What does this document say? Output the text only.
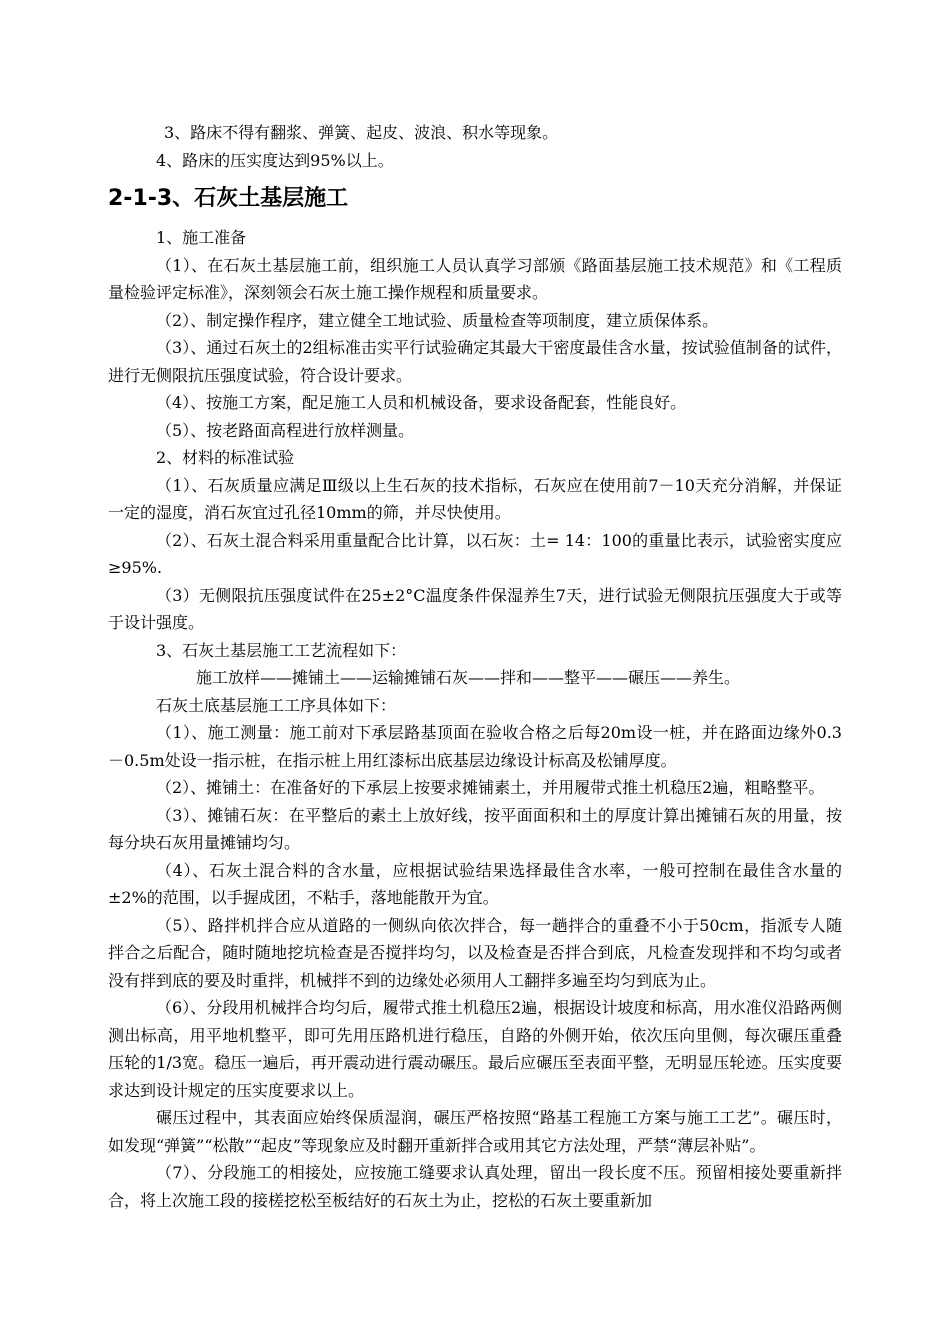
3、路床不得有翻浆、弹簧、起皮、波浪、积水等现象。

4、路床的压实度达到95%以上。

2-1-3、石灰土基层施工

1、施工准备

（1）、在石灰土基层施工前，组织施工人员认真学习部颁《路面基层施工技术规范》和《工程质量检验评定标准》，深刻领会石灰土施工操作规程和质量要求。

（2）、制定操作程序，建立健全工地试验、质量检查等项制度，建立质保体系。

（3）、通过石灰土的2组标准击实平行试验确定其最大干密度最佳含水量，按试验值制备的试件，进行无侧限抗压强度试验，符合设计要求。

（4）、按施工方案，配足施工人员和机械设备，要求设备配套，性能良好。

（5）、按老路面高程进行放样测量。

2、材料的标准试验

（1）、石灰质量应满足Ⅲ级以上生石灰的技术指标，石灰应在使用前7－10天充分消解，并保证一定的湿度，消石灰宜过孔径10mm的筛，并尽快使用。

（2）、石灰土混合料采用重量配合比计算，以石灰：土= 14：100的重量比表示，试验密实度应≥95%.

（3）无侧限抗压强度试件在25±2°C温度条件保湿养生7天，进行试验无侧限抗压强度大于或等于设计强度。

3、石灰土基层施工工艺流程如下：

施工放样——摊铺土——运输摊铺石灰——拌和——整平——碾压——养生。

石灰土底基层施工工序具体如下：

（1）、施工测量：施工前对下承层路基顶面在验收合格之后每20m设一桩，并在路面边缘外0.3－0.5m处设一指示桩，在指示桩上用红漆标出底基层边缘设计标高及松铺厚度。

（2）、摊铺土：在准备好的下承层上按要求摊铺素土，并用履带式推土机稳压2遍，粗略整平。

（3）、摊铺石灰：在平整后的素土上放好线，按平面面积和土的厚度计算出摊铺石灰的用量，按每分块石灰用量摊铺均匀。

（4）、石灰土混合料的含水量，应根据试验结果选择最佳含水率，一般可控制在最佳含水量的±2%的范围，以手握成团，不粘手，落地能散开为宜。

（5）、路拌机拌合应从道路的一侧纵向依次拌合，每一趟拌合的重叠不小于50cm，指派专人随拌合之后配合，随时随地挖坑检查是否搅拌均匀，以及检查是否拌合到底，凡检查发现拌和不均匀或者没有拌到底的要及时重拌，机械拌不到的边缘处必须用人工翻拌多遍至均匀到底为止。

（6）、分段用机械拌合均匀后，履带式推土机稳压2遍，根据设计坡度和标高，用水准仪沿路两侧测出标高，用平地机整平，即可先用压路机进行稳压，自路的外侧开始，依次压向里侧，每次碾压重叠压轮的1/3宽。稳压一遍后，再开震动进行震动碾压。最后应碾压至表面平整，无明显压轮迹。压实度要求达到设计规定的压实度要求以上。

碾压过程中，其表面应始终保质湿润，碾压严格按照“路基工程施工方案与施工工艺”。碾压时，如发现“弹簧”“松散”“起皮”等现象应及时翻开重新拌合或用其它方法处理，严禁“薄层补贴”。

（7）、分段施工的相接处，应按施工缝要求认真处理，留出一段长度不压。预留相接处要重新拌合，将上次施工段的接槎挖松至板结好的石灰土为止，挖松的石灰土要重新加
